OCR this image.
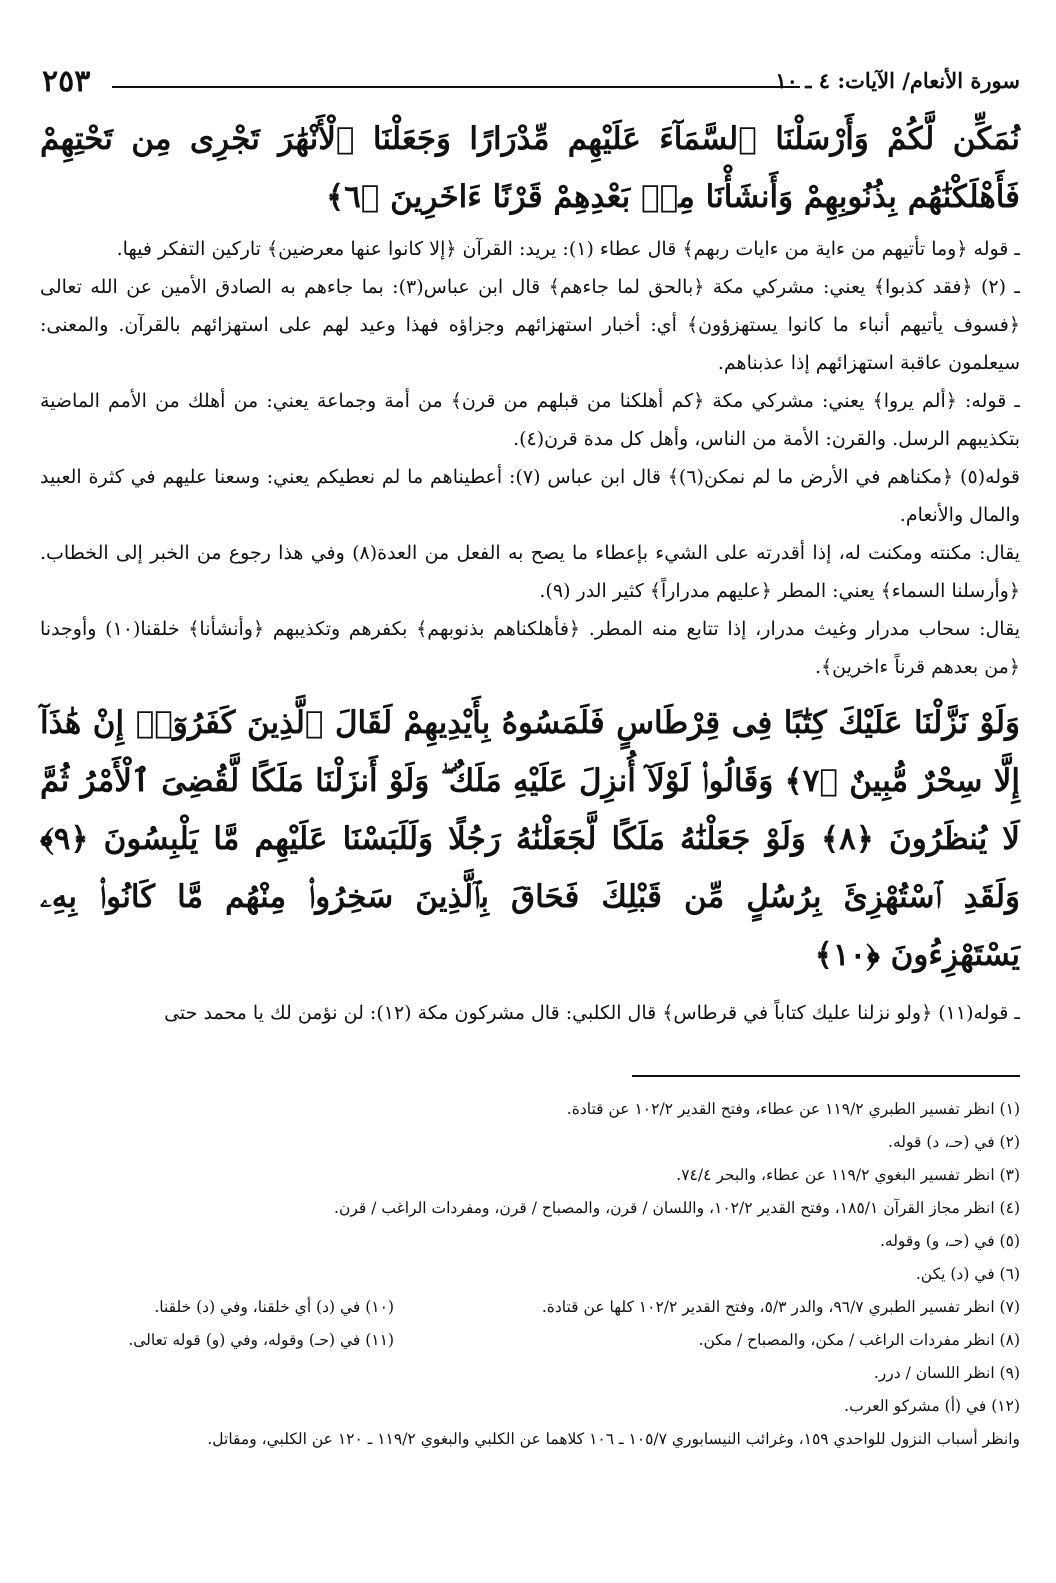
٢٥٣	سورة الأنعام/ الآيات: ٤ ـ ١٠

نُمَكِّن لَّكُمْ وَأَرْسَلْنَا ٱلسَّمَآءَ عَلَيْهِم مِّدْرَارًا وَجَعَلْنَا ٱلْأَنْهَٰرَ تَجْرِى مِن تَحْتِهِمْ فَأَهْلَكْنَٰهُم بِذُنُوبِهِمْ وَأَنشَأْنَا مِنۢ بَعْدِهِمْ قَرْنًا ءَاخَرِينَ ﴿٦﴾

ـ قوله ﴿وما تأتيهم من ءاية من ءايات ربهم﴾ قال عطاء (١): يريد: القرآن ﴿إلا كانوا عنها معرضين﴾ تاركين التفكر فيها.

ـ (٢) ﴿فقد كذبوا﴾ يعني: مشركي مكة ﴿بالحق لما جاءهم﴾ قال ابن عباس(٣): بما جاءهم به الصادق الأمين عن الله تعالى ﴿فسوف يأتيهم أنباء ما كانوا يستهزؤون﴾ أي: أخبار استهزائهم وجزاؤه فهذا وعيد لهم على استهزائهم بالقرآن. والمعنى: سيعلمون عاقبة استهزائهم إذا عذبناهم.

ـ قوله: ﴿ألم يروا﴾ يعني: مشركي مكة ﴿كم أهلكنا من قبلهم من قرن﴾ من أمة وجماعة يعني: من أهلك من الأمم الماضية بتكذيبهم الرسل. والقرن: الأمة من الناس، وأهل كل مدة قرن(٤).

قوله(٥) ﴿مكناهم في الأرض ما لم نمكن(٦)﴾ قال ابن عباس (٧): أعطيناهم ما لم نعطيكم يعني: وسعنا عليهم في كثرة العبيد والمال والأنعام.

يقال: مكنته ومكنت له، إذا أقدرته على الشيء بإعطاء ما يصح به الفعل من العدة(٨) وفي هذا رجوع من الخبر إلى الخطاب. ﴿وأرسلنا السماء﴾ يعني: المطر ﴿عليهم مدراراً﴾ كثير الدر (٩).

يقال: سحاب مدرار وغيث مدرار، إذا تتابع منه المطر. ﴿فأهلكناهم بذنوبهم﴾ بكفرهم وتكذيبهم ﴿وأنشأنا﴾ خلقنا(١٠) وأوجدنا ﴿من بعدهم قرناً ءاخرين﴾.

وَلَوْ نَزَّلْنَا عَلَيْكَ كِتَٰبًا فِى قِرْطَاسٍ فَلَمَسُوهُ بِأَيْدِيهِمْ لَقَالَ ٱلَّذِينَ كَفَرُوٓا۟ إِنْ هَٰذَآ إِلَّا سِحْرٌ مُّبِينٌ ﴿٧﴾ وَقَالُوا۟ لَوْلَآ أُنزِلَ عَلَيْهِ مَلَكٌ ۖ وَلَوْ أَنزَلْنَا مَلَكًا لَّقُضِىَ ٱلْأَمْرُ ثُمَّ لَا يُنظَرُونَ ﴿٨﴾ وَلَوْ جَعَلْنَٰهُ مَلَكًا لَّجَعَلْنَٰهُ رَجُلًا وَلَلَبَسْنَا عَلَيْهِم مَّا يَلْبِسُونَ ﴿٩﴾ وَلَقَدِ ٱسْتُهْزِئَ بِرُسُلٍ مِّن قَبْلِكَ فَحَاقَ بِٱلَّذِينَ سَخِرُوا۟ مِنْهُم مَّا كَانُوا۟ بِهِۦ يَسْتَهْزِءُونَ ﴿١٠﴾

ـ قوله(١١) ﴿ولو نزلنا عليك كتاباً في قرطاس﴾ قال الكلبي: قال مشركون مكة (١٢): لن نؤمن لك يا محمد حتى

(١) انظر تفسير الطبري ١١٩/٢ عن عطاء، وفتح القدير ١٠٢/٢ عن قتادة.

(٢) في (حـ، د) قوله.

(٣) انظر تفسير البغوي ١١٩/٢ عن عطاء، والبحر ٧٤/٤.

(٤) انظر مجاز القرآن ١٨٥/١، وفتح القدير ١٠٢/٢، واللسان / قرن، والمصباح / قرن، ومفردات الراغب / قرن.

(٥) في (حـ، و) وقوله.

(٦) في (د) يكن.

(٧) انظر تفسير الطبري ٩٦/٧، والدر ٥/٣، وفتح القدير ١٠٢/٢ كلها عن قتادة.

(٨) انظر مفردات الراغب / مكن، والمصباح / مكن.

(٩) انظر اللسان / درر.

(١٢) في (أ) مشركو العرب.

(١٠) في (د) أي خلقنا، وفي (د) خلقنا.

(١١) في (حـ) وقوله، وفي (و) قوله تعالى.

وانظر أسباب النزول للواحدي ١٥٩، وغرائب النيسابوري ١٠٥/٧ ـ ١٠٦ كلاهما عن الكلبي والبغوي ١١٩/٢ ـ ١٢٠ عن الكلبي، ومقاتل.
